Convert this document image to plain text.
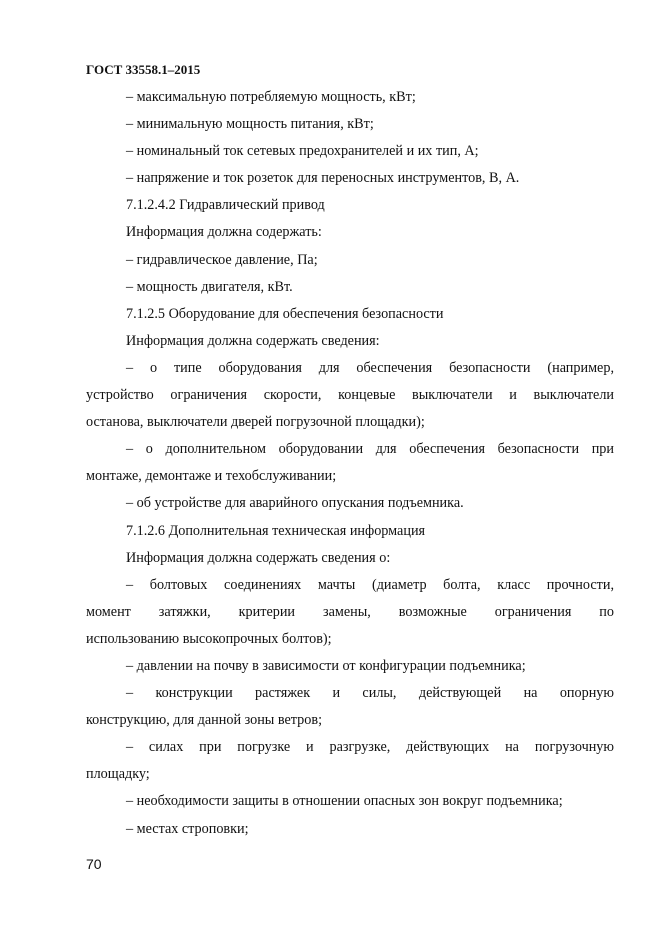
ГОСТ 33558.1–2015
– максимальную потребляемую мощность, кВт;
– минимальную мощность питания, кВт;
– номинальный ток сетевых предохранителей и их тип, А;
– напряжение и ток розеток для переносных инструментов, В, А.
7.1.2.4.2 Гидравлический привод
Информация должна содержать:
– гидравлическое давление, Па;
– мощность двигателя, кВт.
7.1.2.5 Оборудование для обеспечения безопасности
Информация должна содержать сведения:
– о типе оборудования для обеспечения безопасности (например,
устройство ограничения скорости, концевые выключатели и выключатели
останова, выключатели дверей погрузочной площадки);
– о дополнительном оборудовании для обеспечения безопасности при
монтаже, демонтаже и техобслуживании;
– об устройстве для аварийного опускания подъемника.
7.1.2.6 Дополнительная техническая информация
Информация должна содержать сведения о:
– болтовых соединениях мачты (диаметр болта, класс прочности,
момент затяжки, критерии замены, возможные ограничения по
использованию высокопрочных болтов);
– давлении на почву в зависимости от конфигурации подъемника;
– конструкции растяжек и силы, действующей на опорную
конструкцию, для данной зоны ветров;
– силах при погрузке и разгрузке, действующих на погрузочную
площадку;
– необходимости защиты в отношении опасных зон вокруг подъемника;
– местах строповки;
70
